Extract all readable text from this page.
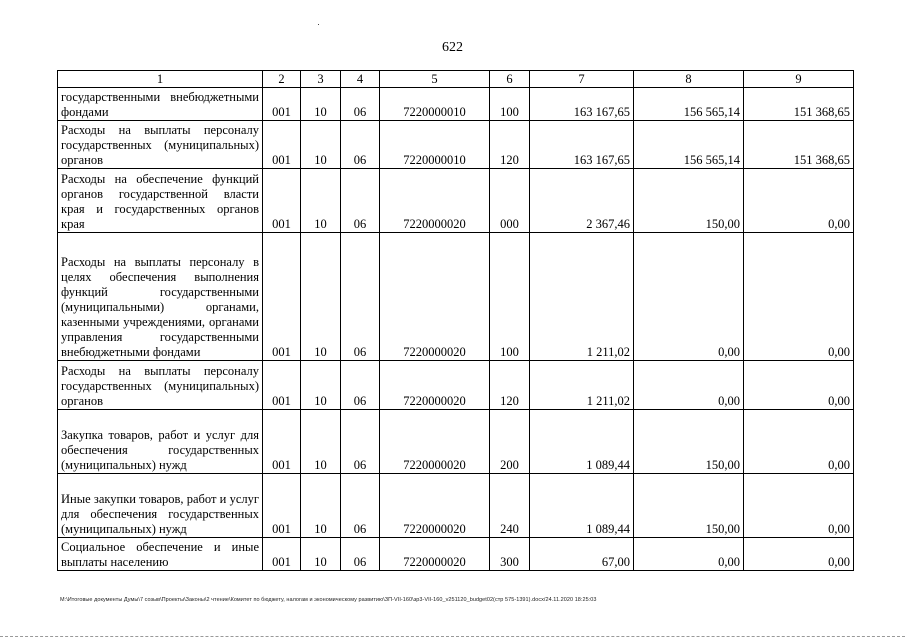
622
1	2	3	4	5	6	7	8	9
государственными внебюджетными фондами	001	10	06	7220000010	100	163 167,65	156 565,14	151 368,65
Расходы на выплаты персоналу государственных (муниципальных) органов	001	10	06	7220000010	120	163 167,65	156 565,14	151 368,65
Расходы на обеспечение функций органов государственной власти края и государственных органов края	001	10	06	7220000020	000	2 367,46	150,00	0,00
Расходы на выплаты персоналу в целях обеспечения выполнения функций государственными (муниципальными) органами, казенными учреждениями, органами управления государственными внебюджетными фондами	001	10	06	7220000020	100	1 211,02	0,00	0,00
Расходы на выплаты персоналу государственных (муниципальных) органов	001	10	06	7220000020	120	1 211,02	0,00	0,00
Закупка товаров, работ и услуг для обеспечения государственных (муниципальных) нужд	001	10	06	7220000020	200	1 089,44	150,00	0,00
Иные закупки товаров, работ и услуг для обеспечения государственных (муниципальных) нужд	001	10	06	7220000020	240	1 089,44	150,00	0,00
Социальное обеспечение и иные выплаты населению	001	10	06	7220000020	300	67,00	0,00	0,00
M:\Итоговые документы Думы\7 созыв\Проекты\Законы\2 чтение\Комитет по бюджету, налогам и экономическому развитию\ЗП-VII-160\зр3-VII-160_v251120_budget02(стр 575-1391).docx/24.11.2020 18:25:03
